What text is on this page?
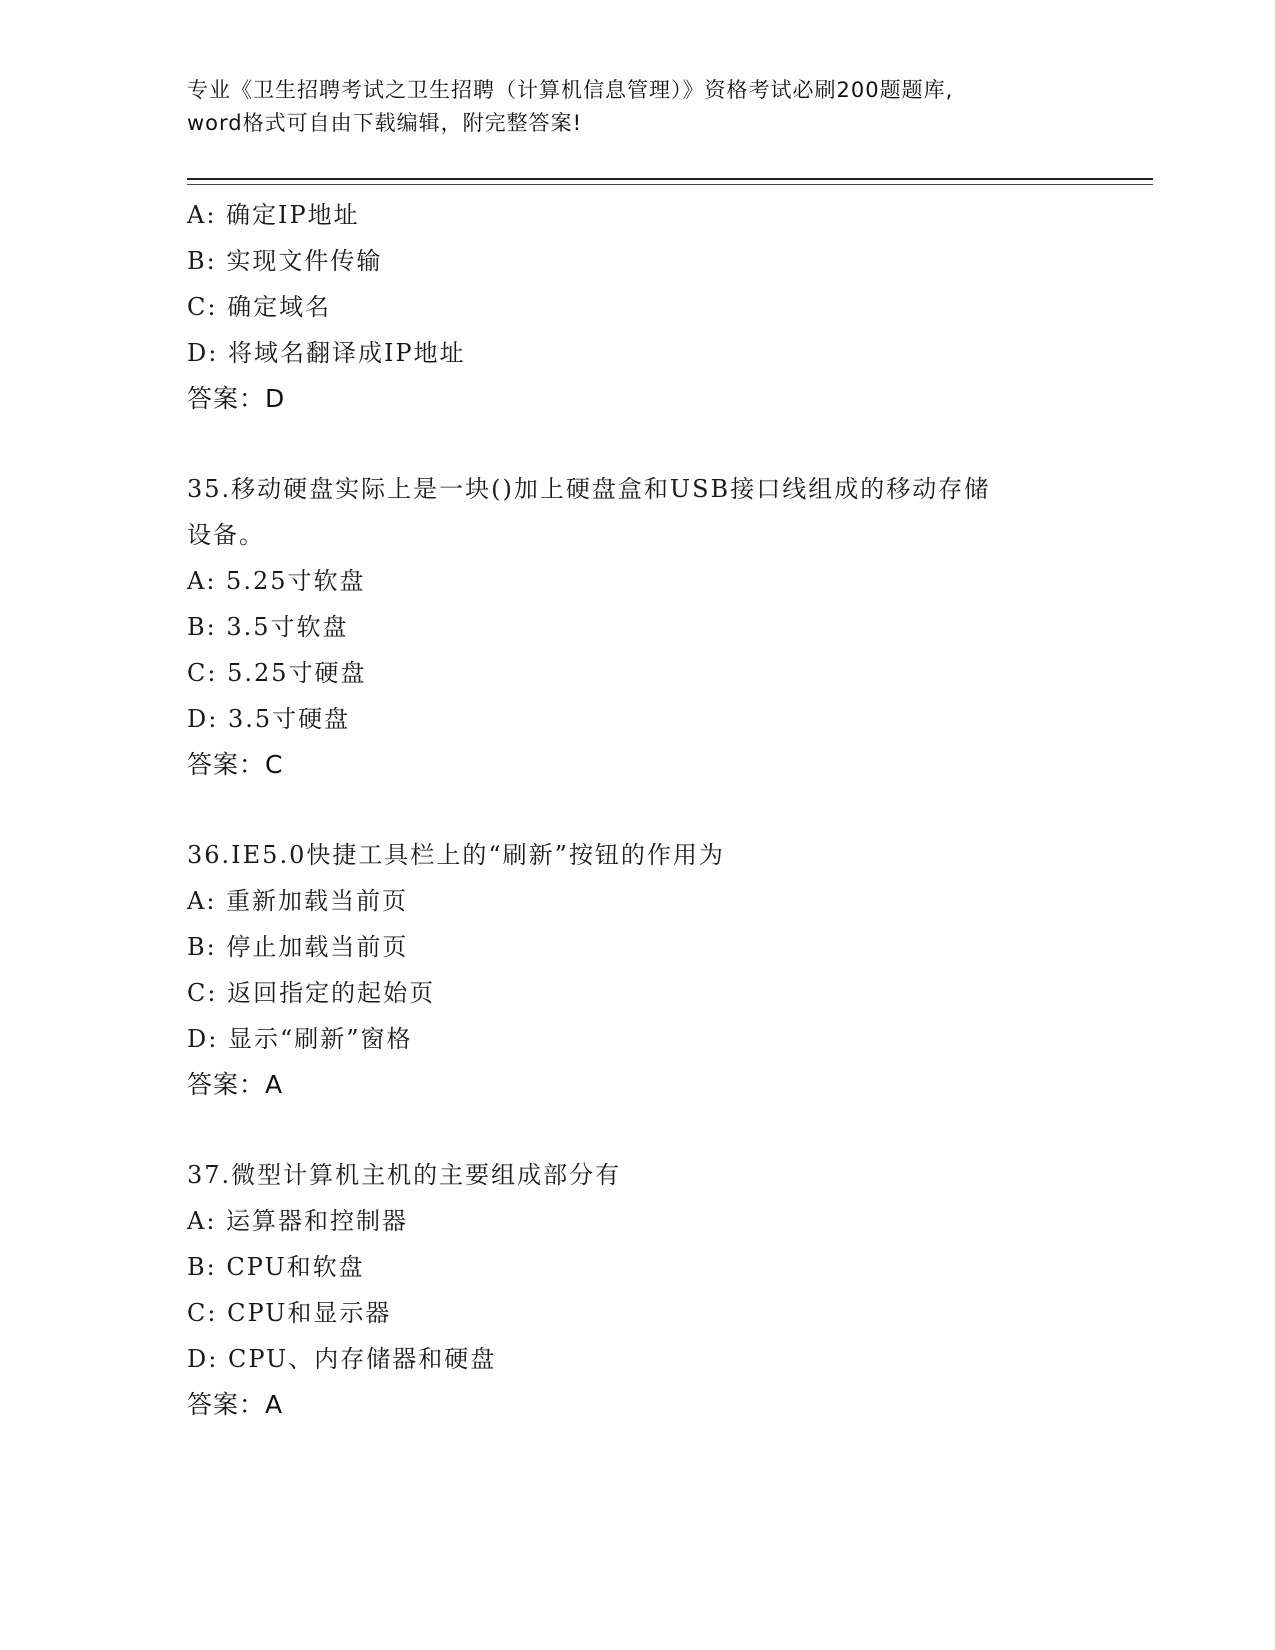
专业《卫生招聘考试之卫生招聘（计算机信息管理）》资格考试必刷200题题库,
word格式可自由下载编辑，附完整答案!
A: 确定IP地址
B: 实现文件传输
C: 确定域名
D: 将域名翻译成IP地址
答案：D
35.移动硬盘实际上是一块()加上硬盘盒和USB接口线组成的移动存储
设备。
A: 5.25寸软盘
B: 3.5寸软盘
C: 5.25寸硬盘
D: 3.5寸硬盘
答案：C
36.IE5.0快捷工具栏上的“刷新”按钮的作用为
A: 重新加载当前页
B: 停止加载当前页
C: 返回指定的起始页
D: 显示“刷新”窗格
答案：A
37.微型计算机主机的主要组成部分有
A: 运算器和控制器
B: CPU和软盘
C: CPU和显示器
D: CPU、内存储器和硬盘
答案：A
